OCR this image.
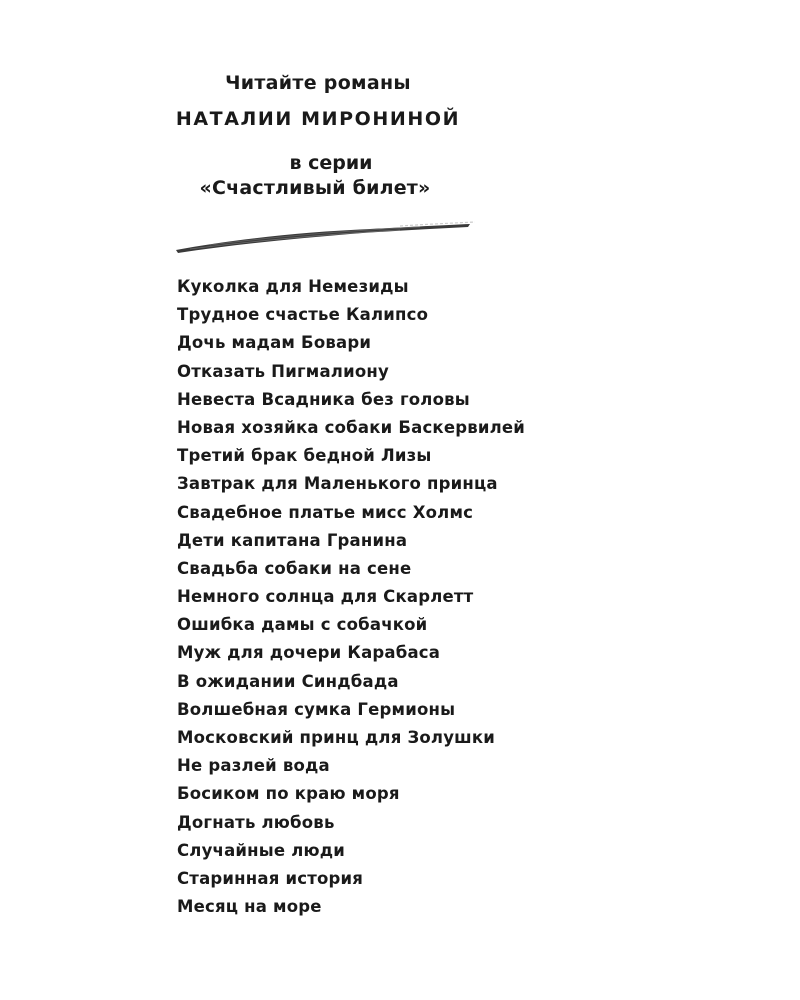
Читайте романы

НАТАЛИИ МИРОНИНОЙ

в серии

«Счастливый билет»

Куколка для Немезиды
Трудное счастье Калипсо
Дочь мадам Бовари
Отказать Пигмалиону
Невеста Всадника без головы
Новая хозяйка собаки Баскервилей
Третий брак бедной Лизы
Завтрак для Маленького принца
Свадебное платье мисс Холмс
Дети капитана Гранина
Свадьба собаки на сене
Немного солнца для Скарлетт
Ошибка дамы с собачкой
Муж для дочери Карабаса
В ожидании Синдбада
Волшебная сумка Гермионы
Московский принц для Золушки
Не разлей вода
Босиком по краю моря
Догнать любовь
Случайные люди
Старинная история
Месяц на море
